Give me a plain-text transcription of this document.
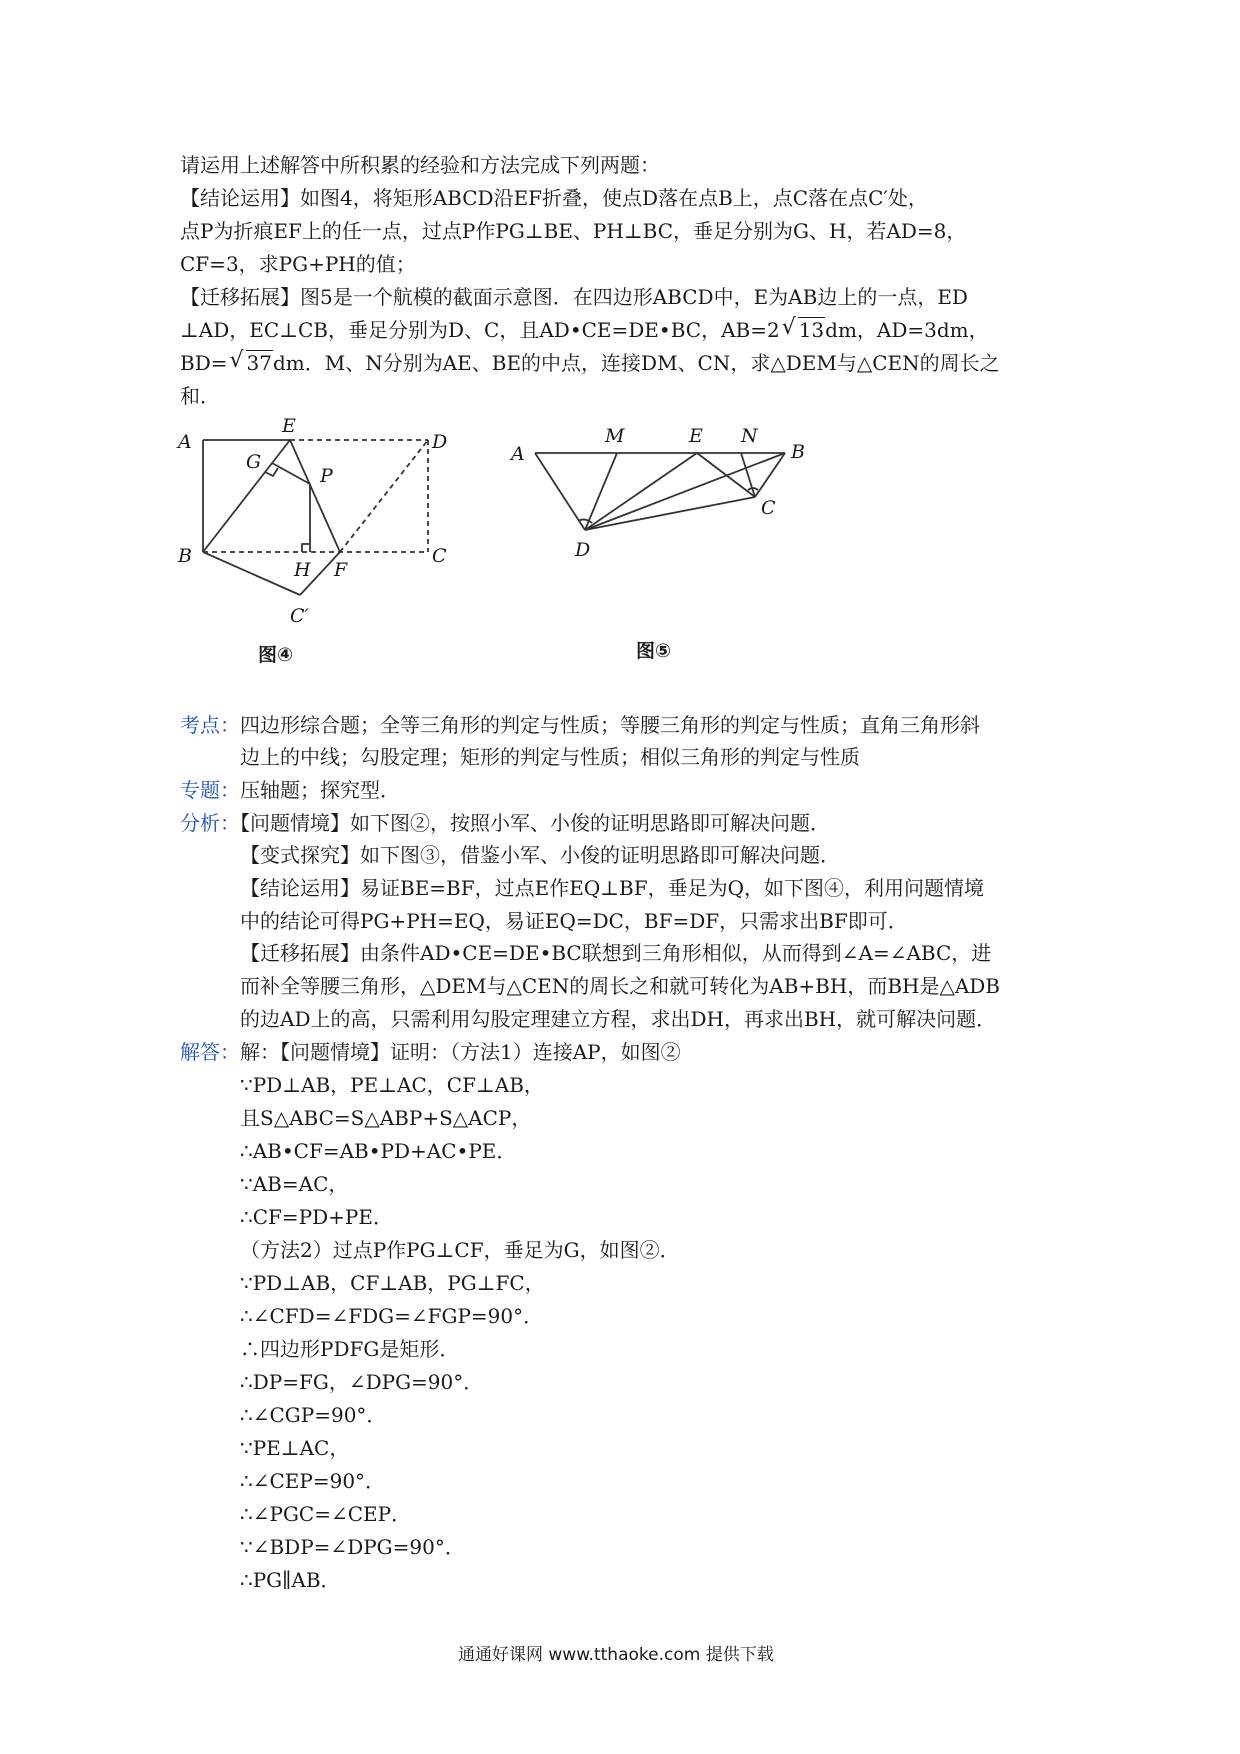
请运用上述解答中所积累的经验和方法完成下列两题：
【结论运用】如图4，将矩形ABCD沿EF折叠，使点D落在点B上，点C落在点C′处，
点P为折痕EF上的任一点，过点P作PG⊥BE、PH⊥BC，垂足分别为G、H，若AD=8，
CF=3，求PG+PH的值；
【迁移拓展】图5是一个航模的截面示意图．在四边形ABCD中，E为AB边上的一点，ED
⊥AD，EC⊥CB，垂足分别为D、C，且AD•CE=DE•BC，AB=2 √ 13dm，AD=3dm，
BD= √ 37dm．M、N分别为AE、BE的中点，连接DM、CN，求△DEM与△CEN的周长之
和．
A
E
D
G
P
B
H F
C
C′
图④
A
M	E N
B
C
D
图⑤
考点：四边形综合题；全等三角形的判定与性质；等腰三角形的判定与性质；直角三角形斜
边上的中线；勾股定理；矩形的判定与性质；相似三角形的判定与性质
专题：压轴题；探究型．
分析：【问题情境】如下图②，按照小军、小俊的证明思路即可解决问题．
【变式探究】如下图③，借鉴小军、小俊的证明思路即可解决问题．
【结论运用】易证BE=BF，过点E作EQ⊥BF，垂足为Q，如下图④，利用问题情境
中的结论可得PG+PH=EQ，易证EQ=DC，BF=DF，只需求出BF即可．
【迁移拓展】由条件AD•CE=DE•BC联想到三角形相似，从而得到∠A=∠ABC，进
而补全等腰三角形，△DEM与△CEN的周长之和就可转化为AB+BH，而BH是△ADB
的边AD上的高，只需利用勾股定理建立方程，求出DH，再求出BH，就可解决问题．
解答：解：【问题情境】证明：（方法1）连接AP，如图②
∵PD⊥AB，PE⊥AC，CF⊥AB，
且S△ABC=S△ABP+S△ACP，
∴AB•CF=AB•PD+AC•PE．
∵AB=AC，
∴CF=PD+PE．
（方法2）过点P作PG⊥CF，垂足为G，如图②．
∵PD⊥AB，CF⊥AB，PG⊥FC，
∴∠CFD=∠FDG=∠FGP=90°．
∴四边形PDFG是矩形．
∴DP=FG，∠DPG=90°．
∴∠CGP=90°．
∵PE⊥AC，
∴∠CEP=90°．
∴∠PGC=∠CEP．
∵∠BDP=∠DPG=90°．
∴PG∥AB．
通通好课网 www.tthaoke.com 提供下载
